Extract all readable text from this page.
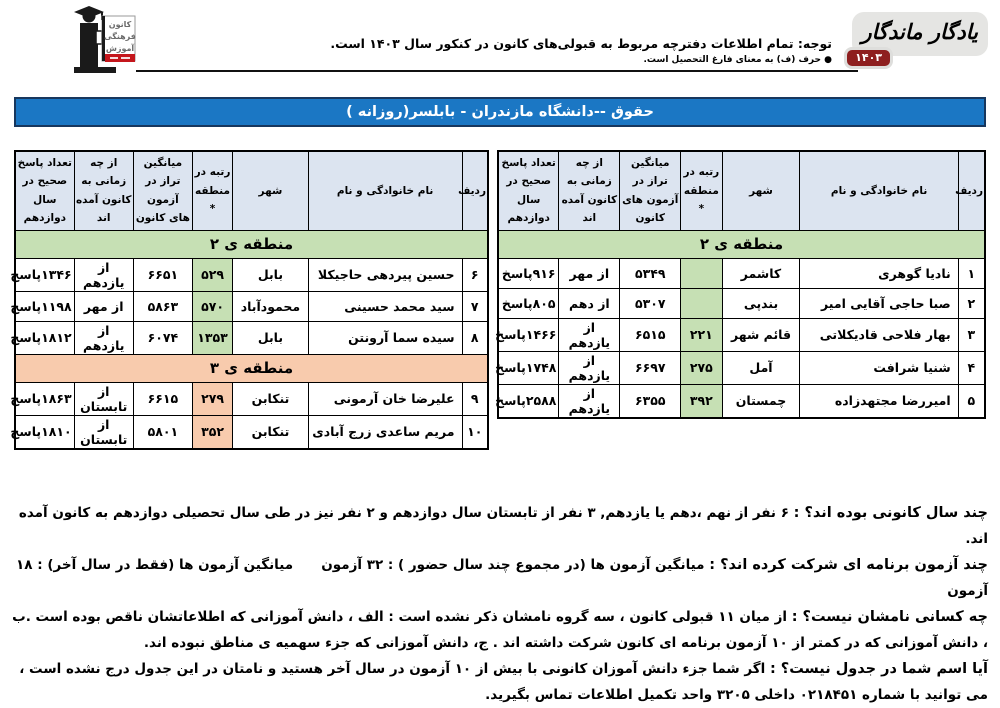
کانون
فرهنگی
آموزش
یادگار ماندگار
۱۴۰۳
توجه: تمام اطلاعات دفترچه مربوط به قبولی‌های کانون در کنکور سال ۱۴۰۳ است.
● حرف (ف) به معنای فارغ التحصیل است.
حقوق --دانشگاه مازندران - بابلسر(روزانه )
ردیف	نام خانوادگی و نام	شهر	رتبه در منطقه *	میانگین تراز در آزمون های کانون	از چه زمانی به کانون آمده اند	تعداد پاسخ صحیح در سال دوازدهم
منطقه ی ۲						
۱	نادیا گوهری	کاشمر		۵۳۴۹	از مهر	۹۱۶پاسخ
۲	صبا حاجی آقایی امیر	بندپی		۵۳۰۷	از دهم	۸۰۵پاسخ
۳	بهار فلاحی قادیکلاتی	قائم شهر	۲۲۱	۶۵۱۵	از یازدهم	۱۴۶۶پاسخ
۴	شنیا شرافت	آمل	۲۷۵	۶۶۹۷	از یازدهم	۱۷۴۸پاسخ
۵	امیررضا مجتهدزاده	چمستان	۳۹۲	۶۳۵۵	از یازدهم	۲۵۸۸پاسخ
ردیف	نام خانوادگی و نام	شهر	رتبه در منطقه *	میانگین تراز در آزمون های کانون	از چه زمانی به کانون آمده اند	تعداد پاسخ صحیح در سال دوازدهم
منطقه ی ۲						
۶	حسین پیردهی حاجیکلا	بابل	۵۲۹	۶۶۵۱	از یازدهم	۱۳۴۶پاسخ
۷	سید محمد حسینی	محمودآباد	۵۷۰	۵۸۶۳	از مهر	۱۱۹۸پاسخ
۸	سیده سما آرونتن	بابل	۱۳۵۳	۶۰۷۴	از یازدهم	۱۸۱۲پاسخ
منطقه ی ۳						
۹	علیرضا خان آرمونی	تنکابن	۲۷۹	۶۶۱۵	از تابستان	۱۸۶۳پاسخ
۱۰	مریم ساعدی زرج آبادی	تنکابن	۳۵۲	۵۸۰۱	از تابستان	۱۸۱۰پاسخ

چند سال کانونی بوده اند؟ : ۶ نفر از نهم ،دهم یا یازدهم, ۳ نفر از تابستان سال دوازدهم و ۲ نفر نیز در طی سال تحصیلی دوازدهم به کانون آمده اند.

چند آزمون برنامه ای شرکت کرده اند؟ : میانگین آزمون ها (در مجموع چند سال حضور ) : ۳۲ آزمون      میانگین آزمون ها (فقط در سال آخر) : ۱۸ آزمون

چه کسانی نامشان نیست؟ : از میان ۱۱ قبولی کانون ، سه گروه نامشان ذکر نشده است : الف ، دانش آموزانی که اطلاعاتشان ناقص بوده است .ب ، دانش آموزانی که در کمتر از ۱۰ آزمون برنامه ای کانون شرکت داشته اند . ج، دانش آموزانی که جزء سهمیه ی مناطق نبوده اند.

آیا اسم شما در جدول نیست؟ : اگر شما جزء دانش آموزان کانونی با بیش از ۱۰ آزمون در سال آخر هستید و نامتان در این جدول درج نشده است ، می توانید با شماره ۰۲۱۸۴۵۱ داخلی ۳۲۰۵ واحد تکمیل اطلاعات تماس بگیرید.
